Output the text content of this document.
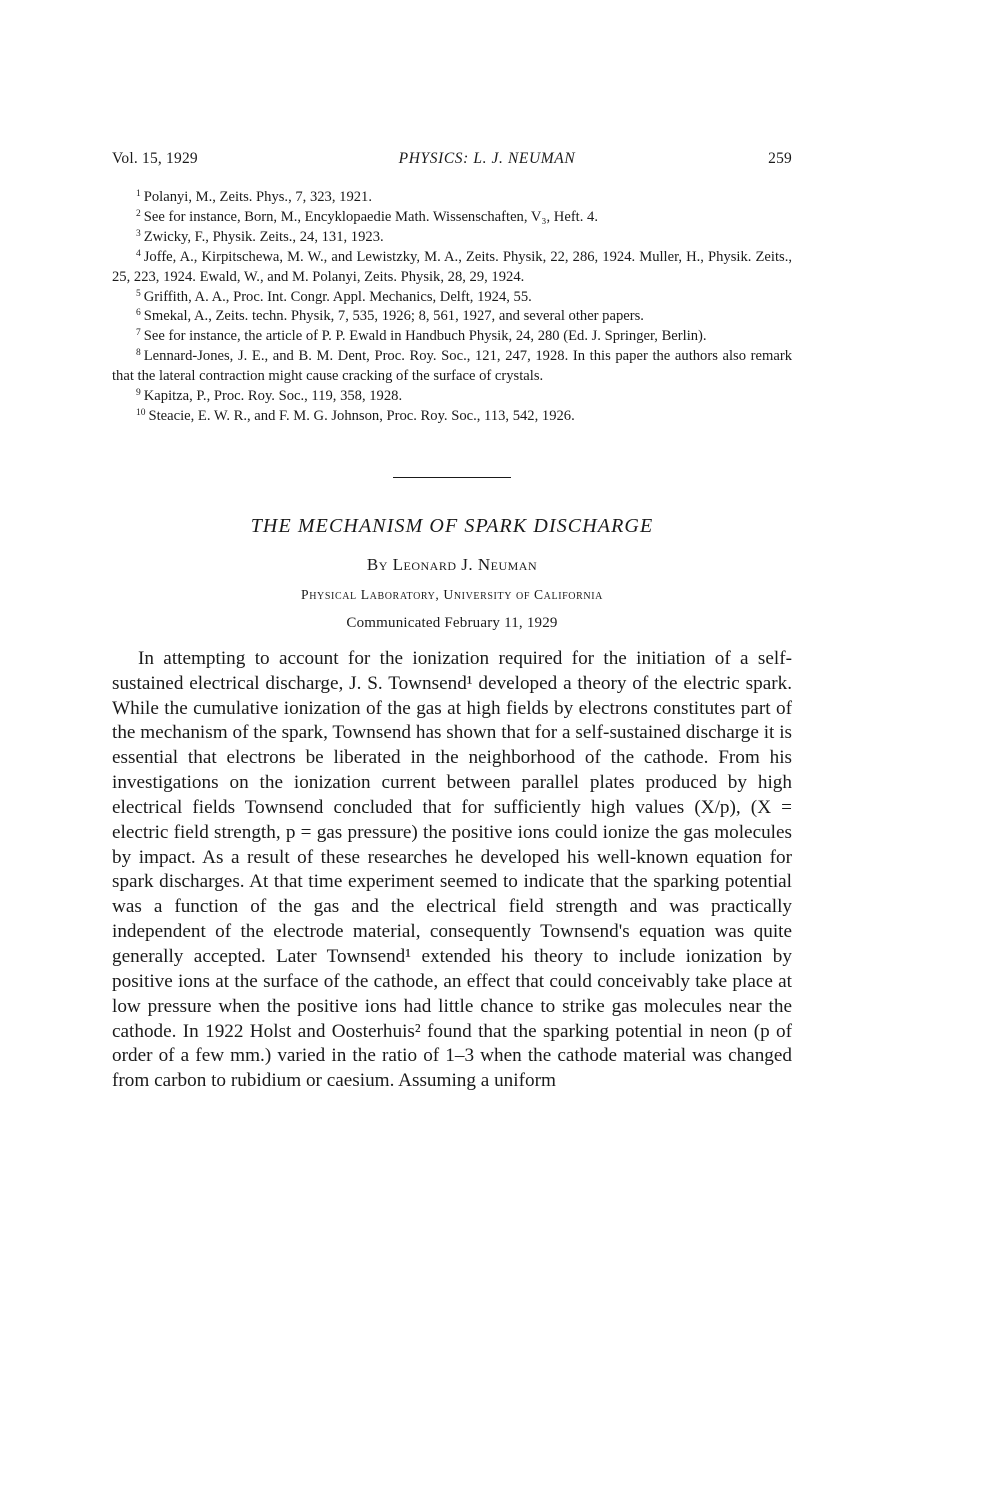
Vol. 15, 1929	PHYSICS: L. J. NEUMAN	259

$^1$ Polanyi, M., Zeits. Phys., 7, 323, 1921.

$^2$ See for instance, Born, M., Encyklopaedie Math. Wissenschaften, V₃, Heft. 4.

$^3$ Zwicky, F., Physik. Zeits., 24, 131, 1923.

$^4$ Joffe, A., Kirpitschewa, M. W., and Lewistzky, M. A., Zeits. Physik, 22, 286, 1924. Muller, H., Physik. Zeits., 25, 223, 1924. Ewald, W., and M. Polanyi, Zeits. Physik, 28, 29, 1924.

$^5$ Griffith, A. A., Proc. Int. Congr. Appl. Mechanics, Delft, 1924, 55.

$^6$ Smekal, A., Zeits. techn. Physik, 7, 535, 1926; 8, 561, 1927, and several other papers.

$^7$ See for instance, the article of P. P. Ewald in Handbuch Physik, 24, 280 (Ed. J. Springer, Berlin).

$^8$ Lennard-Jones, J. E., and B. M. Dent, Proc. Roy. Soc., 121, 247, 1928. In this paper the authors also remark that the lateral contraction might cause cracking of the surface of crystals.

$^9$ Kapitza, P., Proc. Roy. Soc., 119, 358, 1928.

$^{10}$ Steacie, E. W. R., and F. M. G. Johnson, Proc. Roy. Soc., 113, 542, 1926.

THE MECHANISM OF SPARK DISCHARGE
By Leonard J. Neuman
Physical Laboratory, University of California
Communicated February 11, 1929

In attempting to account for the ionization required for the initiation of a self-sustained electrical discharge, J. S. Townsend¹ developed a theory of the electric spark. While the cumulative ionization of the gas at high fields by electrons constitutes part of the mechanism of the spark, Townsend has shown that for a self-sustained discharge it is essential that electrons be liberated in the neighborhood of the cathode. From his investigations on the ionization current between parallel plates produced by high electrical fields Townsend concluded that for sufficiently high values (X/p), (X = electric field strength, p = gas pressure) the positive ions could ionize the gas molecules by impact. As a result of these researches he developed his well-known equation for spark discharges. At that time experiment seemed to indicate that the sparking potential was a function of the gas and the electrical field strength and was practically independent of the electrode material, consequently Townsend's equation was quite generally accepted. Later Townsend¹ extended his theory to include ionization by positive ions at the surface of the cathode, an effect that could conceivably take place at low pressure when the positive ions had little chance to strike gas molecules near the cathode. In 1922 Holst and Oosterhuis² found that the sparking potential in neon (p of order of a few mm.) varied in the ratio of 1–3 when the cathode material was changed from carbon to rubidium or caesium. Assuming a uniform
